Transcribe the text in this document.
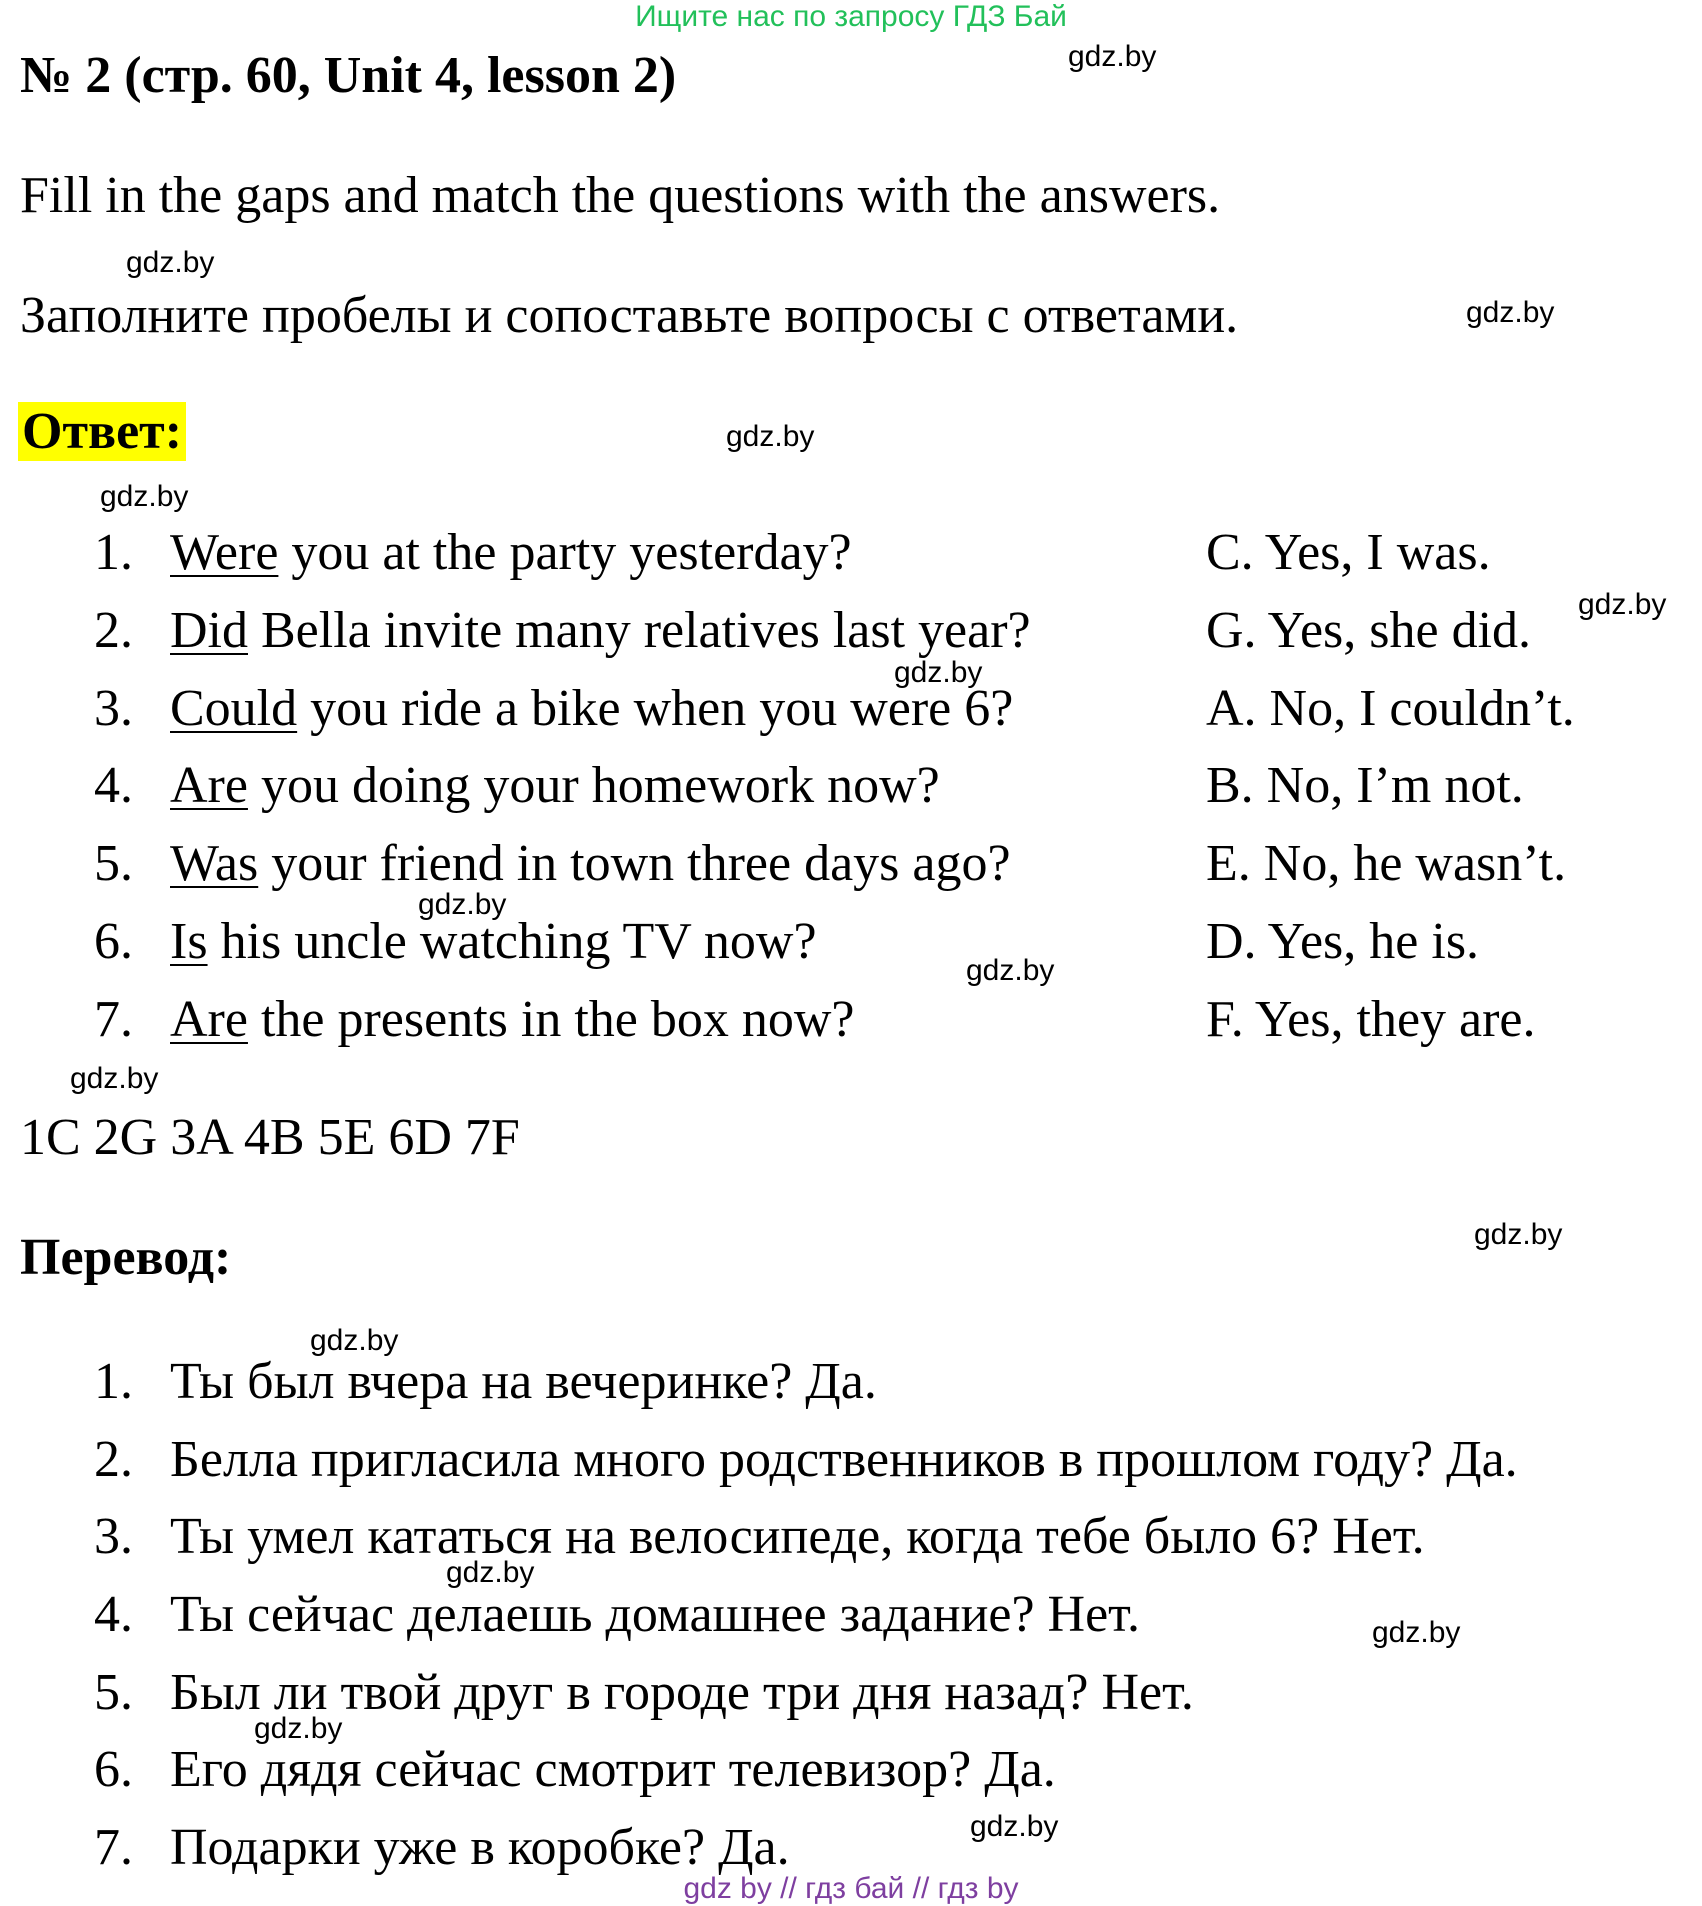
Ищите нас по запросу ГДЗ Бай
№ 2 (стр. 60, Unit 4, lesson 2)	gdz.by
Fill in the gaps and match the questions with the answers.
gdz.by
Заполните пробелы и сопоставьте вопросы с ответами.	gdz.by
Ответ:	gdz.by
gdz.by
1. Were you at the party yesterday?	C. Yes, I was.
2. Did Bella invite many relatives last year?	G. Yes, she did. gdz.by
gdz.by
3. Could you ride a bike when you were 6?	A. No, I couldn’t.
4. Are you doing your homework now?	B. No, I’m not.
5. Was your friend in town three days ago?	E. No, he wasn’t.
gdz.by
6. Is his uncle watching TV now?	D. Yes, he is.
gdz.by
7. Are the presents in the box now?	F. Yes, they are.
gdz.by
1C 2G 3A 4B 5E 6D 7F
Перевод:	gdz.by
gdz.by
1. Ты был вчера на вечеринке? Да.
2. Белла пригласила много родственников в прошлом году? Да.
3. Ты умел кататься на велосипеде, когда тебе было 6? Нет.
gdz.by
4. Ты сейчас делаешь домашнее задание? Нет.	gdz.by
5. Был ли твой друг в городе три дня назад? Нет.
gdz.by
6. Его дядя сейчас смотрит телевизор? Да.
7. Подарки уже в коробке? Да.	gdz.by
gdz by // гдз бай // гдз by
